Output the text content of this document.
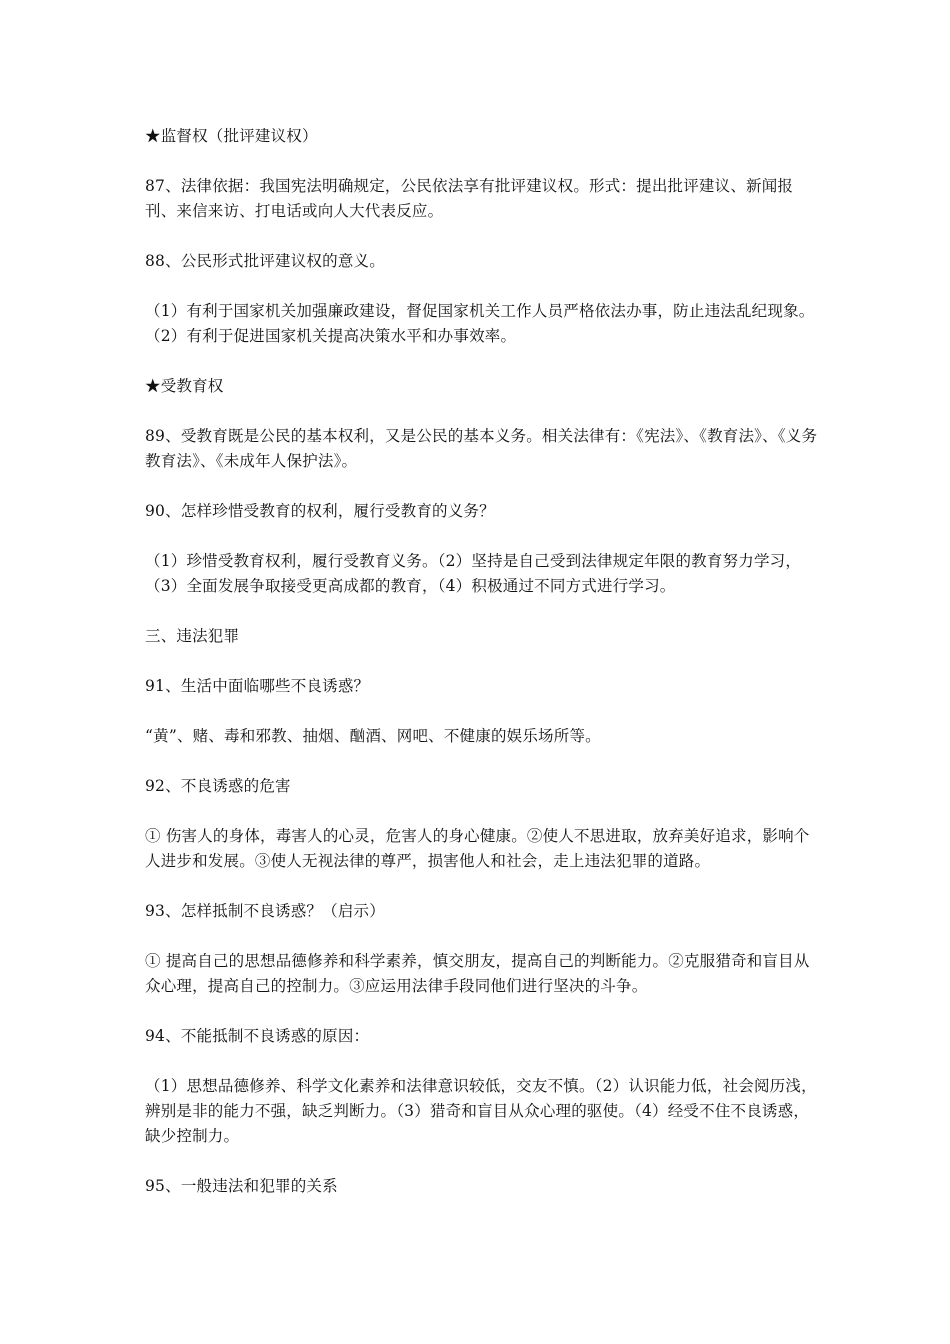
★监督权（批评建议权）

87、法律依据：我国宪法明确规定，公民依法享有批评建议权。形式：提出批评建议、新闻报刊、来信来访、打电话或向人大代表反应。

88、公民形式批评建议权的意义。

（1）有利于国家机关加强廉政建设，督促国家机关工作人员严格依法办事，防止违法乱纪现象。（2）有利于促进国家机关提高决策水平和办事效率。

★受教育权

89、受教育既是公民的基本权利，又是公民的基本义务。相关法律有：《宪法》、《教育法》、《义务教育法》、《未成年人保护法》。

90、怎样珍惜受教育的权利，履行受教育的义务？

（1）珍惜受教育权利，履行受教育义务。（2）坚持是自己受到法律规定年限的教育努力学习，（3）全面发展争取接受更高成都的教育，（4）积极通过不同方式进行学习。

三、违法犯罪

91、生活中面临哪些不良诱惑？

“黄”、赌、毒和邪教、抽烟、酗酒、网吧、不健康的娱乐场所等。

92、不良诱惑的危害

① 伤害人的身体，毒害人的心灵，危害人的身心健康。②使人不思进取，放弃美好追求，影响个人进步和发展。③使人无视法律的尊严，损害他人和社会，走上违法犯罪的道路。

93、怎样抵制不良诱惑？（启示）

① 提高自己的思想品德修养和科学素养，慎交朋友，提高自己的判断能力。②克服猎奇和盲目从众心理，提高自己的控制力。③应运用法律手段同他们进行坚决的斗争。

94、不能抵制不良诱惑的原因：

（1）思想品德修养、科学文化素养和法律意识较低，交友不慎。（2）认识能力低，社会阅历浅，辨别是非的能力不强，缺乏判断力。（3）猎奇和盲目从众心理的驱使。（4）经受不住不良诱惑，缺少控制力。

95、一般违法和犯罪的关系
